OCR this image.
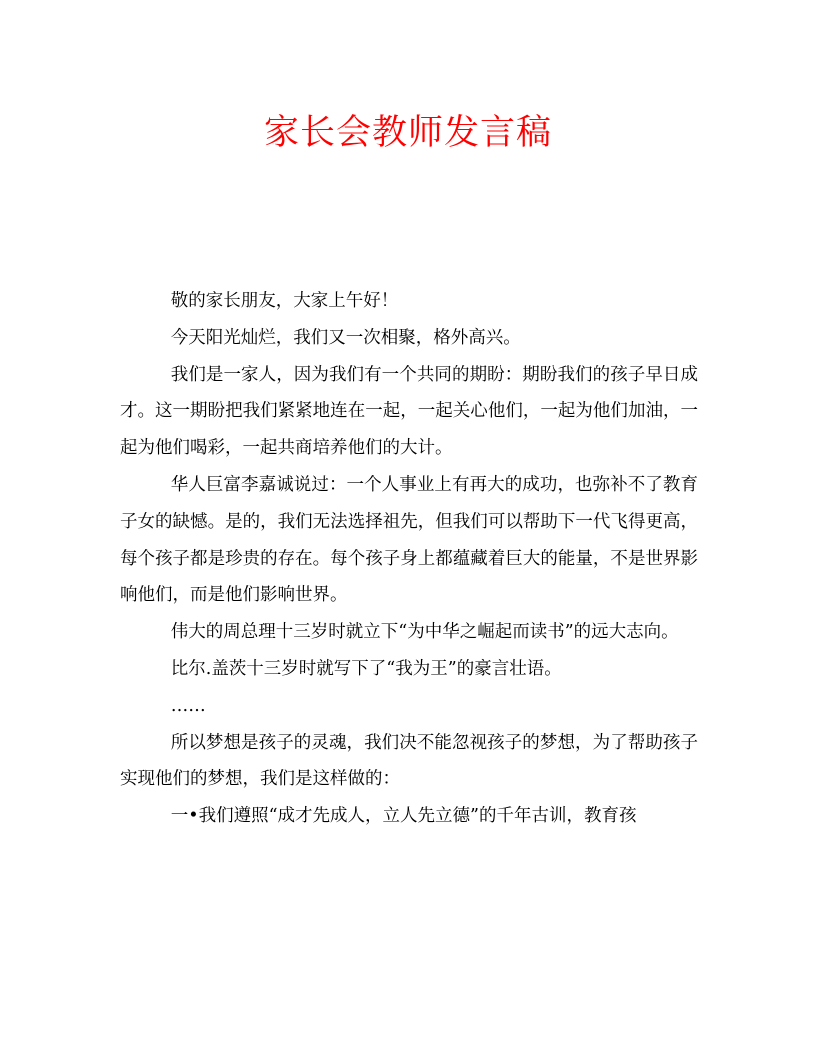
家长会教师发言稿

敬的家长朋友，大家上午好！

今天阳光灿烂，我们又一次相聚，格外高兴。

我们是一家人，因为我们有一个共同的期盼：期盼我们的孩子早日成才。这一期盼把我们紧紧地连在一起，一起关心他们，一起为他们加油，一起为他们喝彩，一起共商培养他们的大计。

华人巨富李嘉诚说过：一个人事业上有再大的成功，也弥补不了教育子女的缺憾。是的，我们无法选择祖先，但我们可以帮助下一代飞得更高，每个孩子都是珍贵的存在。每个孩子身上都蕴藏着巨大的能量，不是世界影响他们，而是他们影响世界。

伟大的周总理十三岁时就立下“为中华之崛起而读书”的远大志向。

比尔.盖茨十三岁时就写下了“我为王”的豪言壮语。

……

所以梦想是孩子的灵魂，我们决不能忽视孩子的梦想，为了帮助孩子实现他们的梦想，我们是这样做的：

一•我们遵照“成才先成人，立人先立德”的千年古训，教育孩
